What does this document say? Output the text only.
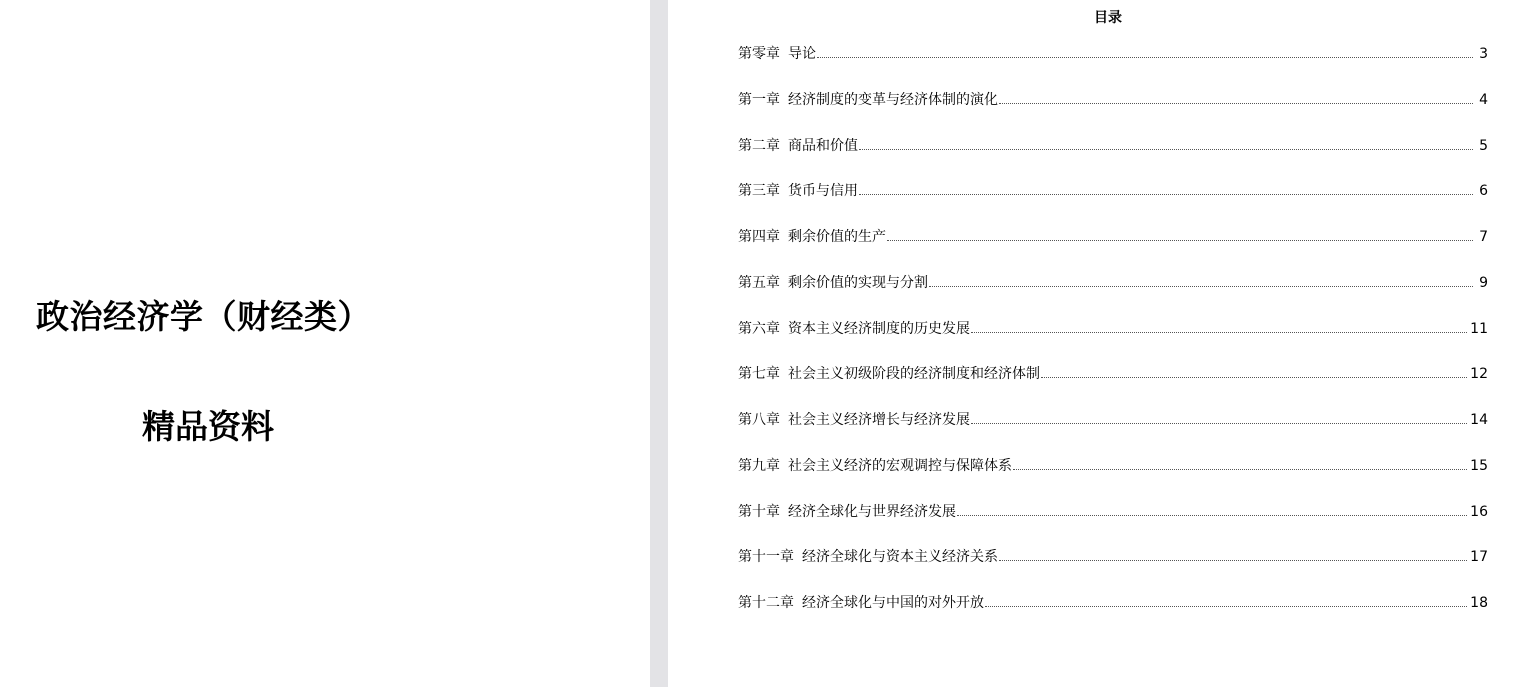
政治经济学（财经类）
精品资料
目录
第零章 导论	3
第一章 经济制度的变革与经济体制的演化	4
第二章 商品和价值	5
第三章 货币与信用	6
第四章 剩余价值的生产	7
第五章 剩余价值的实现与分割	9
第六章 资本主义经济制度的历史发展	11
第七章 社会主义初级阶段的经济制度和经济体制	12
第八章 社会主义经济增长与经济发展	14
第九章 社会主义经济的宏观调控与保障体系	15
第十章 经济全球化与世界经济发展	16
第十一章 经济全球化与资本主义经济关系	17
第十二章 经济全球化与中国的对外开放	18
